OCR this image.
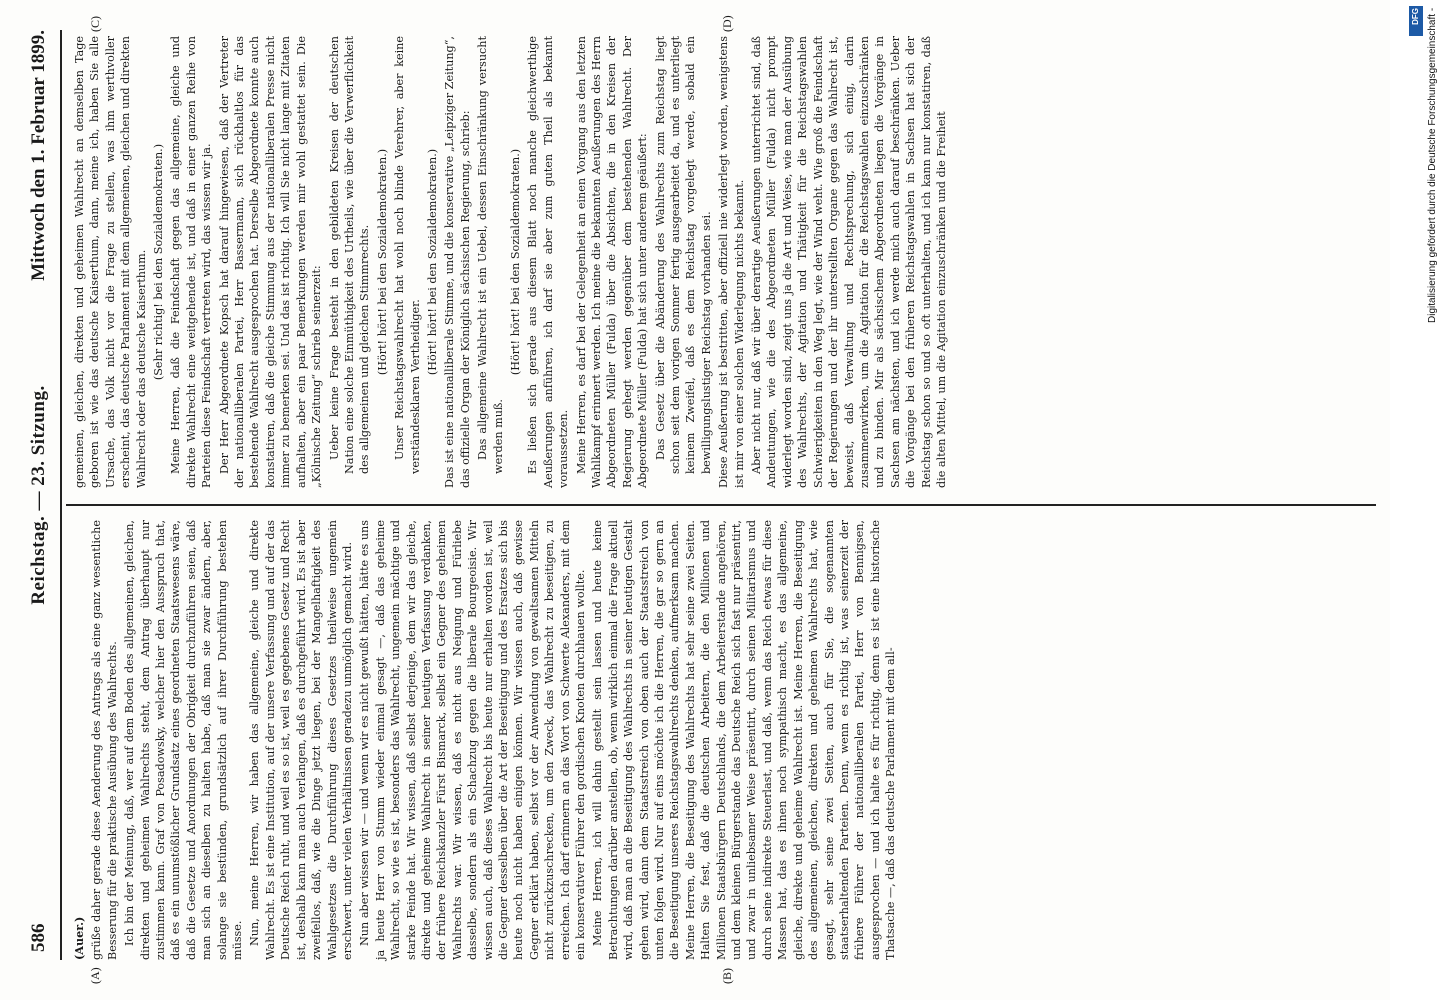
586
Reichstag. — 23. Sitzung.
Mittwoch den 1. Februar 1899.
(A)	(B)
(C)	(D)

(Auer.) grüße daher gerade diese Aenderung des Antrags als eine ganz wesentliche Besserung für die praktische Ausübung des Wahlrechts. Ich bin der Meinung, daß, wer auf dem Boden des allgemeinen, gleichen, direkten und geheimen Wahlrechts steht, dem Antrag überhaupt nur zustimmen kann. Graf von Posadowsky, welcher hier den Ausspruch that, daß es ein unumstößlicher Grundsatz eines geordneten Staatswesens wäre, daß die Gesetze und Anordnungen der Obrigkeit durchzuführen seien, daß man sich an dieselben zu halten habe, daß man sie zwar ändern, aber, solange sie bestünden, grundsätzlich auf ihrer Durchführung bestehen müsse. Nun, meine Herren, wir haben das allgemeine, gleiche und direkte Wahlrecht. Es ist eine Institution, auf der unsere Verfassung und auf der das Deutsche Reich ruht, und weil es so ist, weil es gegebenes Gesetz und Recht ist, deshalb kann man auch verlangen, daß es durchgeführt wird. Es ist aber zweifellos, daß, wie die Dinge jetzt liegen, bei der Mangelhaftigkeit des Wahlgesetzes die Durchführung dieses Gesetzes theilweise ungemein erschwert, unter vielen Verhältnissen geradezu unmöglich gemacht wird. Nun aber wissen wir — und wenn wir es nicht gewußt hätten, hätte es uns ja heute Herr von Stumm wieder einmal gesagt —, daß das geheime Wahlrecht, so wie es ist, besonders das Wahlrecht, ungemein mächtige und starke Feinde hat. Wir wissen, daß selbst derjenige, dem wir das gleiche, direkte und geheime Wahlrecht in seiner heutigen Verfassung verdanken, der frühere Reichskanzler Fürst Bismarck, selbst ein Gegner des geheimen Wahlrechts war. Wir wissen, daß es nicht aus Neigung und Fürliebe dasselbe, sondern als ein Schachzug gegen die liberale Bourgeoisie. Wir wissen auch, daß dieses Wahlrecht bis heute nur erhalten worden ist, weil die Gegner desselben über die Art der Beseitigung und des Ersatzes sich bis heute noch nicht haben einigen können. Wir wissen auch, daß gewisse Gegner erklärt haben, selbst vor der Anwendung von gewaltsamen Mitteln nicht zurückzuschrecken, um den Zweck, das Wahlrecht zu beseitigen, zu erreichen. Ich darf erinnern an das Wort von Schwerte Alexanders, mit dem ein konservativer Führer den gordischen Knoten durchhauen wollte. Meine Herren, ich will dahin gestellt sein lassen und heute keine Betrachtungen darüber anstellen, ob, wenn wirklich einmal die Frage aktuell wird, daß man an die Beseitigung des Wahlrechts in seiner heutigen Gestalt gehen wird, dann dem Staatsstreich von oben auch der Staatsstreich von unten folgen wird. Nur auf eins möchte ich die Herren, die gar so gern an die Beseitigung unseres Reichstagswahlrechts denken, aufmerksam machen. Meine Herren, die Beseitigung des Wahlrechts hat sehr seine zwei Seiten. Halten Sie fest, daß die deutschen Arbeitern, die den Millionen und Millionen Staatsbürgern Deutschlands, die dem Arbeiterstande angehören, und dem kleinen Bürgerstande das Deutsche Reich sich fast nur präsentirt, und zwar in unliebsamer Weise präsentirt, durch seinen Militarismus und durch seine indirekte Steuerlast, und daß, wenn das Reich etwas für diese Massen hat, das es ihnen noch sympathisch macht, es das allgemeine, gleiche, direkte und geheime Wahlrecht ist. Meine Herren, die Beseitigung des allgemeinen, gleichen, direkten und geheimen Wahlrechts hat, wie gesagt, sehr seine zwei Seiten, auch für Sie, die sogenannten staatserhaltenden Parteien. Denn, wenn es richtig ist, was seinerzeit der frühere Führer der nationalliberalen Partei, Herr von Bennigsen, ausgesprochen — und ich halte es für richtig, denn es ist eine historische Thatsache —, daß das deutsche Parlament mit dem all-

gemeinen, gleichen, direkten und geheimen Wahlrecht an demselben Tage geboren ist wie das deutsche Kaiserthum, dann, meine ich, haben Sie alle Ursache, das Volk nicht vor die Frage zu stellen, was ihm werthvoller erscheint, das deutsche Parlament mit dem allgemeinen, gleichen und direkten Wahlrecht oder das deutsche Kaiserthum. (Sehr richtig! bei den Sozialdemokraten.) Meine Herren, daß die Feindschaft gegen das allgemeine, gleiche und direkte Wahlrecht eine weitgehende ist, und daß in einer ganzen Reihe von Parteien diese Feindschaft vertreten wird, das wissen wir ja. Der Herr Abgeordnete Kopsch hat darauf hingewiesen, daß der Vertreter der nationalliberalen Partei, Herr Bassermann, sich rückhaltlos für das bestehende Wahlrecht ausgesprochen hat. Derselbe Abgeordnete konnte auch konstatiren, daß die gleiche Stimmung aus der nationalliberalen Presse nicht immer zu bemerken sei. Und das ist richtig. Ich will Sie nicht lange mit Zitaten aufhalten, aber ein paar Bemerkungen werden mir wohl gestattet sein. Die „Kölnische Zeitung“ schrieb seinerzeit: Ueber keine Frage besteht in den gebildeten Kreisen der deutschen Nation eine solche Einmüthigkeit des Urtheils, wie über die Verwerflichkeit des allgemeinen und gleichen Stimmrechts. (Hört! hört! bei den Sozialdemokraten.) Unser Reichstagswahlrecht hat wohl noch blinde Verehrer, aber keine verständesklaren Vertheidiger.

(Hört! hört! bei den Sozialdemokraten.) Das ist eine nationalliberale Stimme, und die konservative „Leipziger Zeitung“, das offizielle Organ der Königlich sächsischen Regierung, schrieb: Das allgemeine Wahlrecht ist ein Uebel, dessen Einschränkung versucht werden muß.

(Hört! hört! bei den Sozialdemokraten.) Es ließen sich gerade aus diesem Blatt noch manche gleichwerthige Aeußerungen anführen, ich darf sie aber zum guten Theil als bekannt voraussetzen. Meine Herren, es darf bei der Gelegenheit an einen Vorgang aus den letzten Wahlkampf erinnert werden. Ich meine die bekannten Aeußerungen des Herrn Abgeordneten Müller (Fulda) über die Absichten, die in den Kreisen der Regierung gehegt werden gegenüber dem bestehenden Wahlrecht. Der Abgeordnete Müller (Fulda) hat sich unter anderem geäußert: Das Gesetz über die Abänderung des Wahlrechts zum Reichstag liegt schon seit dem vorigen Sommer fertig ausgearbeitet da, und es unterliegt keinem Zweifel, daß es dem Reichstag vorgelegt werde, sobald ein bewilligungslustiger Reichstag vorhanden sei. Diese Aeußerung ist bestritten, aber offiziell nie widerlegt worden, wenigstens ist mir von einer solchen Widerlegung nichts bekannt. Aber nicht nur, daß wir über derartige Aeußerungen unterrichtet sind, daß Andeutungen, wie die des Abgeordneten Müller (Fulda) nicht prompt widerlegt worden sind, zeigt uns ja die Art und Weise, wie man der Ausübung des Wahlrechts, der Agitation und Thätigkeit für die Reichstagswahlen Schwierigkeiten in den Weg legt, wie der Wind weht. Wie groß die Feindschaft der Regierungen und der ihr unterstellten Organe gegen das Wahlrecht ist, beweist, daß Verwaltung und Rechtsprechung, sich einig, darin zusammenwirken, um die Agitation für die Reichstagswahlen einzuschränken und zu binden. Mir als sächsischem Abgeordneten liegen die Vorgänge in Sachsen am nächsten, und ich werde mich auch darauf beschränken. Ueber die Vorgänge bei den früheren Reichstagswahlen in Sachsen hat sich der Reichstag schon so und so oft unterhalten, und ich kann nur konstatiren, daß die alten Mittel, um die Agitation einzuschränken und die Freiheit

DFG Digitalisierung gefördert durch die Deutsche Forschungsgemeinschaft -
